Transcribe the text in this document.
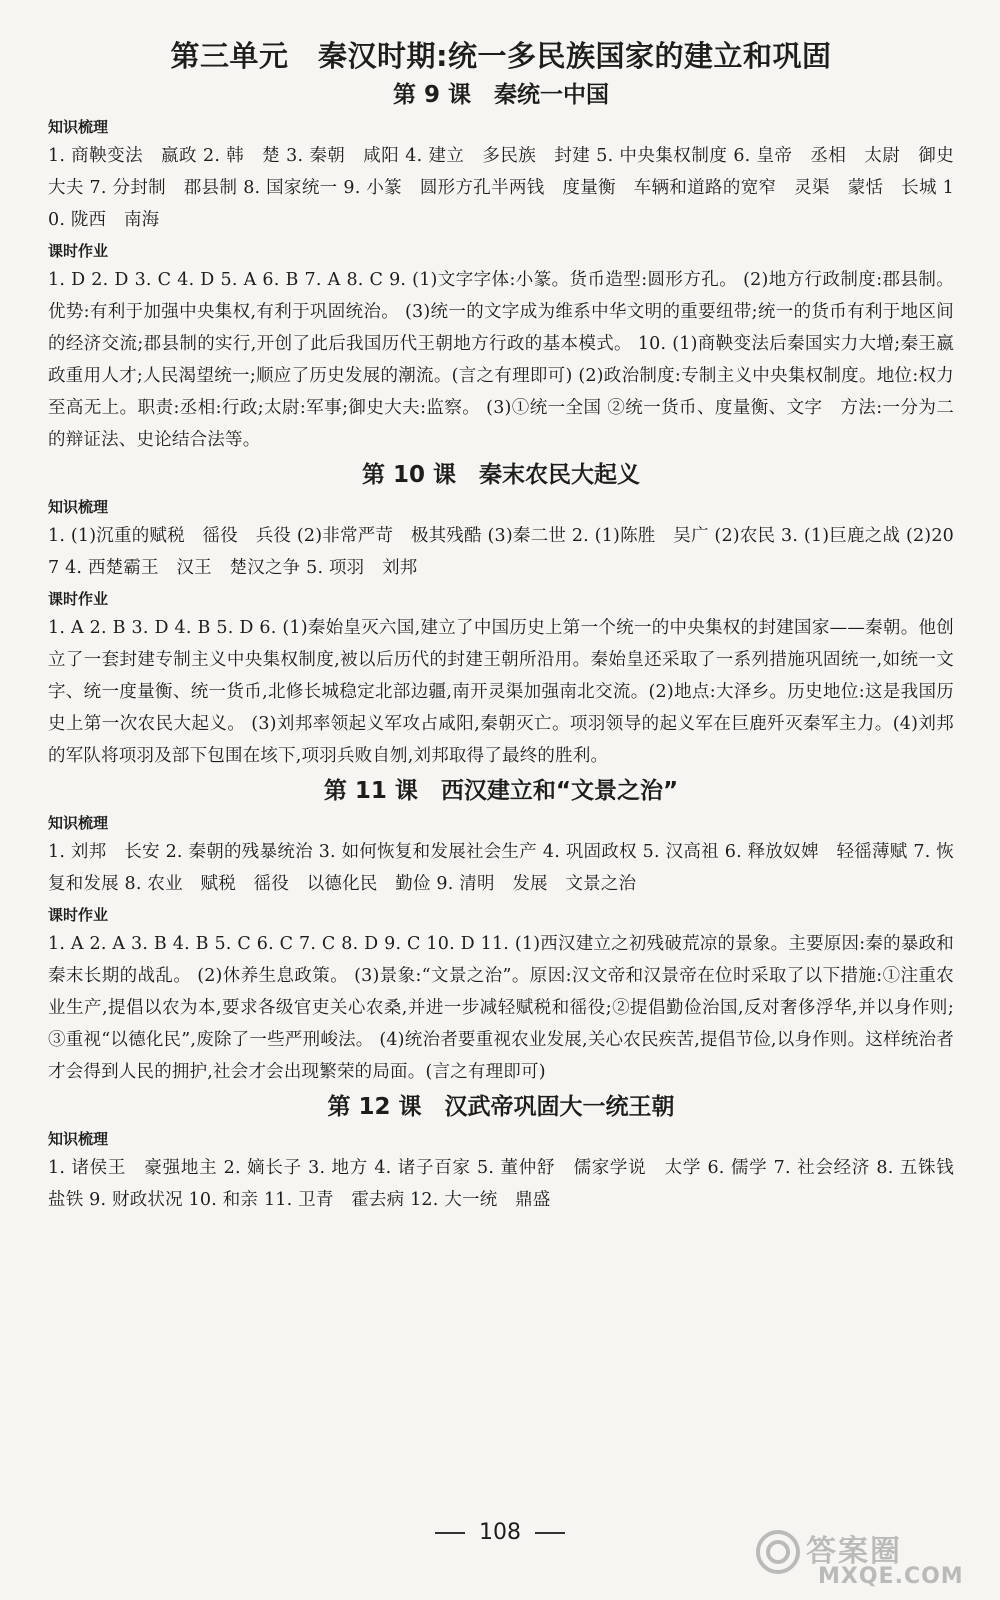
第三单元　秦汉时期:统一多民族国家的建立和巩固
第 9 课　秦统一中国
知识梳理

1. 商鞅变法　嬴政 2. 韩　楚 3. 秦朝　咸阳 4. 建立　多民族　封建 5. 中央集权制度 6. 皇帝　丞相　太尉　御史大夫 7. 分封制　郡县制 8. 国家统一 9. 小篆　圆形方孔半两钱　度量衡　车辆和道路的宽窄　灵渠　蒙恬　长城 10. 陇西　南海

课时作业

1. D 2. D 3. C 4. D 5. A 6. B 7. A 8. C 9. (1)文字字体:小篆。货币造型:圆形方孔。 (2)地方行政制度:郡县制。优势:有利于加强中央集权,有利于巩固统治。 (3)统一的文字成为维系中华文明的重要纽带;统一的货币有利于地区间的经济交流;郡县制的实行,开创了此后我国历代王朝地方行政的基本模式。 10. (1)商鞅变法后秦国实力大增;秦王嬴政重用人才;人民渴望统一;顺应了历史发展的潮流。(言之有理即可) (2)政治制度:专制主义中央集权制度。地位:权力至高无上。职责:丞相:行政;太尉:军事;御史大夫:监察。 (3)①统一全国 ②统一货币、度量衡、文字　方法:一分为二的辩证法、史论结合法等。

第 10 课　秦末农民大起义
知识梳理

1. (1)沉重的赋税　徭役　兵役 (2)非常严苛　极其残酷 (3)秦二世 2. (1)陈胜　吴广 (2)农民 3. (1)巨鹿之战 (2)207 4. 西楚霸王　汉王　楚汉之争 5. 项羽　刘邦

课时作业

1. A 2. B 3. D 4. B 5. D 6. (1)秦始皇灭六国,建立了中国历史上第一个统一的中央集权的封建国家——秦朝。他创立了一套封建专制主义中央集权制度,被以后历代的封建王朝所沿用。秦始皇还采取了一系列措施巩固统一,如统一文字、统一度量衡、统一货币,北修长城稳定北部边疆,南开灵渠加强南北交流。(2)地点:大泽乡。历史地位:这是我国历史上第一次农民大起义。 (3)刘邦率领起义军攻占咸阳,秦朝灭亡。项羽领导的起义军在巨鹿歼灭秦军主力。(4)刘邦的军队将项羽及部下包围在垓下,项羽兵败自刎,刘邦取得了最终的胜利。

第 11 课　西汉建立和“文景之治”
知识梳理

1. 刘邦　长安 2. 秦朝的残暴统治 3. 如何恢复和发展社会生产 4. 巩固政权 5. 汉高祖 6. 释放奴婢　轻徭薄赋 7. 恢复和发展 8. 农业　赋税　徭役　以德化民　勤俭 9. 清明　发展　文景之治

课时作业

1. A 2. A 3. B 4. B 5. C 6. C 7. C 8. D 9. C 10. D 11. (1)西汉建立之初残破荒凉的景象。主要原因:秦的暴政和秦末长期的战乱。 (2)休养生息政策。 (3)景象:“文景之治”。原因:汉文帝和汉景帝在位时采取了以下措施:①注重农业生产,提倡以农为本,要求各级官吏关心农桑,并进一步减轻赋税和徭役;②提倡勤俭治国,反对奢侈浮华,并以身作则;③重视“以德化民”,废除了一些严刑峻法。 (4)统治者要重视农业发展,关心农民疾苦,提倡节俭,以身作则。这样统治者才会得到人民的拥护,社会才会出现繁荣的局面。(言之有理即可)

第 12 课　汉武帝巩固大一统王朝
知识梳理

1. 诸侯王　豪强地主 2. 嫡长子 3. 地方 4. 诸子百家 5. 董仲舒　儒家学说　太学 6. 儒学 7. 社会经济 8. 五铢钱　盐铁 9. 财政状况 10. 和亲 11. 卫青　霍去病 12. 大一统　鼎盛

108
答案圈
MXQE.COM
